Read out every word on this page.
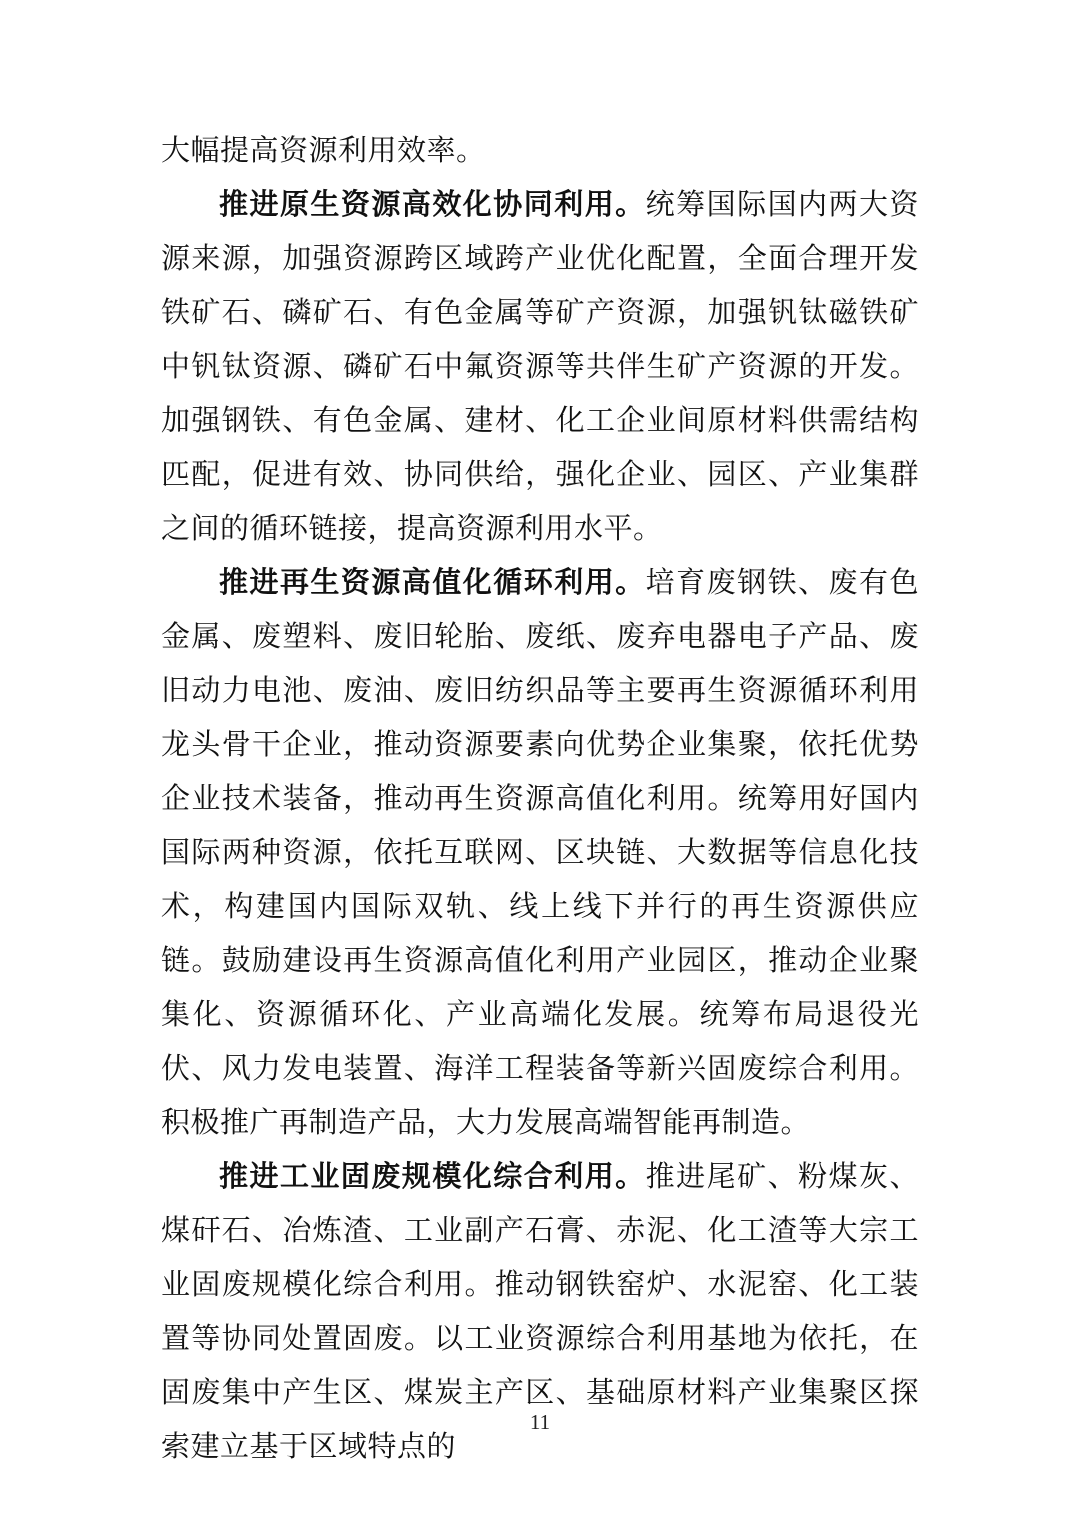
大幅提高资源利用效率。

推进原生资源高效化协同利用。统筹国际国内两大资源来源，加强资源跨区域跨产业优化配置，全面合理开发铁矿石、磷矿石、有色金属等矿产资源，加强钒钛磁铁矿中钒钛资源、磷矿石中氟资源等共伴生矿产资源的开发。加强钢铁、有色金属、建材、化工企业间原材料供需结构匹配，促进有效、协同供给，强化企业、园区、产业集群之间的循环链接，提高资源利用水平。

推进再生资源高值化循环利用。培育废钢铁、废有色金属、废塑料、废旧轮胎、废纸、废弃电器电子产品、废旧动力电池、废油、废旧纺织品等主要再生资源循环利用龙头骨干企业，推动资源要素向优势企业集聚，依托优势企业技术装备，推动再生资源高值化利用。统筹用好国内国际两种资源，依托互联网、区块链、大数据等信息化技术，构建国内国际双轨、线上线下并行的再生资源供应链。鼓励建设再生资源高值化利用产业园区，推动企业聚集化、资源循环化、产业高端化发展。统筹布局退役光伏、风力发电装置、海洋工程装备等新兴固废综合利用。积极推广再制造产品，大力发展高端智能再制造。

推进工业固废规模化综合利用。推进尾矿、粉煤灰、煤矸石、冶炼渣、工业副产石膏、赤泥、化工渣等大宗工业固废规模化综合利用。推动钢铁窑炉、水泥窑、化工装置等协同处置固废。以工业资源综合利用基地为依托，在固废集中产生区、煤炭主产区、基础原材料产业集聚区探索建立基于区域特点的

11
